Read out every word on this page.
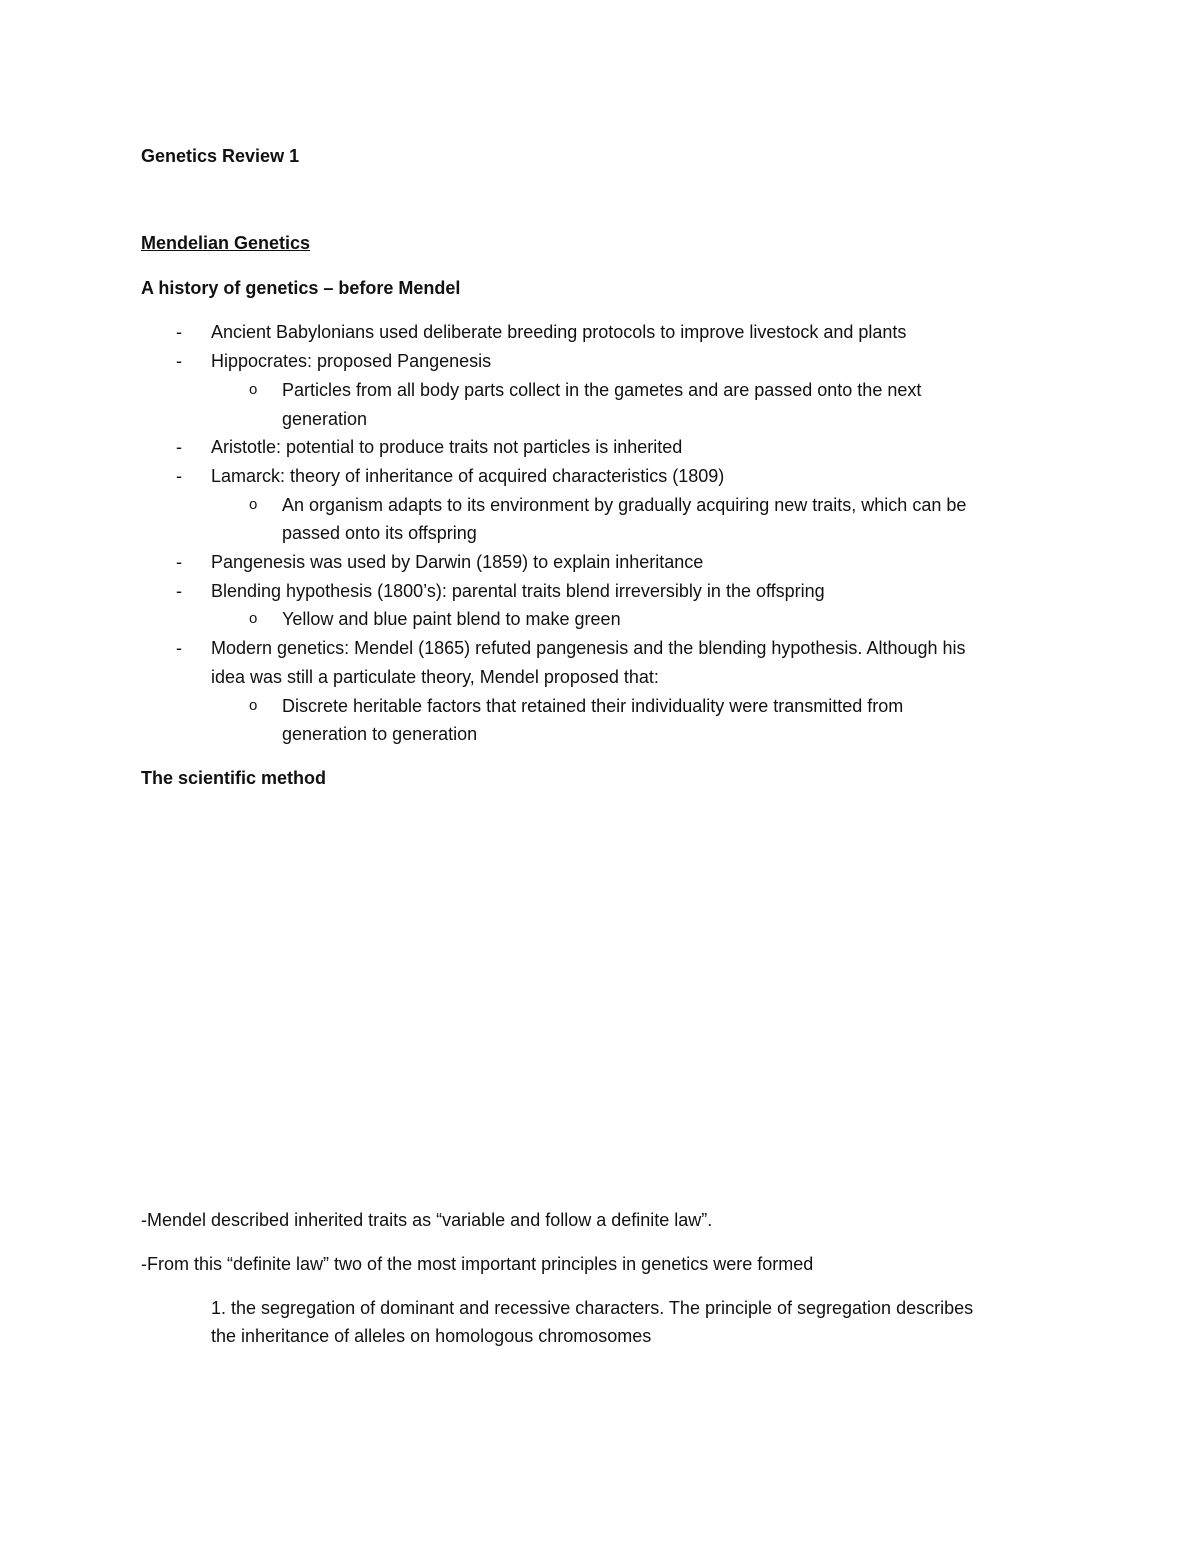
Genetics Review 1
Mendelian Genetics
A history of genetics – before Mendel
- Ancient Babylonians used deliberate breeding protocols to improve livestock and plants
- Hippocrates: proposed Pangenesis
o Particles from all body parts collect in the gametes and are passed onto the next
generation
- Aristotle: potential to produce traits not particles is inherited
- Lamarck: theory of inheritance of acquired characteristics (1809)
o An organism adapts to its environment by gradually acquiring new traits, which can be
passed onto its offspring
- Pangenesis was used by Darwin (1859) to explain inheritance
- Blending hypothesis (1800’s): parental traits blend irreversibly in the offspring
o Yellow and blue paint blend to make green
- Modern genetics: Mendel (1865) refuted pangenesis and the blending hypothesis. Although his
idea was still a particulate theory, Mendel proposed that:
o Discrete heritable factors that retained their individuality were transmitted from
generation to generation
The scientific method
-Mendel described inherited traits as “variable and follow a definite law”.
-From this “definite law” two of the most important principles in genetics were formed
1. the segregation of dominant and recessive characters. The principle of segregation describes
the inheritance of alleles on homologous chromosomes
